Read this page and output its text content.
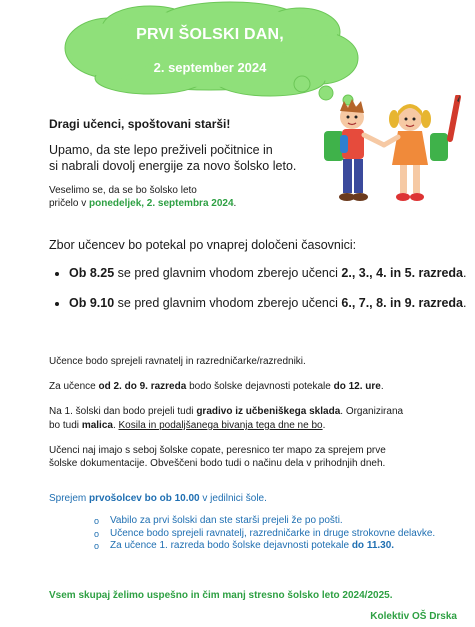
PRVI ŠOLSKI DAN,
2. september 2024

Dragi učenci, spoštovani starši!

Upamo, da ste lepo preživeli počitnice in

si nabrali dovolj energije za novo šolsko leto.

Veselimo se, da se bo šolsko leto

pričelo v ponedeljek, 2. septembra 2024.

Zbor učencev bo potekal po vnaprej določeni časovnici:

• Ob 8.25 se pred glavnim vhodom zberejo učenci 2., 3., 4. in 5. razreda.
• Ob 9.10 se pred glavnim vhodom zberejo učenci 6., 7., 8. in 9. razreda.

Učence bodo sprejeli ravnatelj in razredničarke/razredniki.

Za učence od 2. do 9. razreda bodo šolske dejavnosti potekale do 12. ure.

Na 1. šolski dan bodo prejeli tudi gradivo iz učbeniškega sklada. Organizirana
bo tudi malica. Kosila in podaljšanega bivanja tega dne ne bo.

Učenci naj imajo s seboj šolske copate, peresnico ter mapo za sprejem prve

šolske dokumentacije. Obveščeni bodo tudi o načinu dela v prihodnjih dneh.

Sprejem prvošolcev bo ob 10.00 v jedilnici šole.

o Vabilo za prvi šolski dan ste starši prejeli že po pošti.
o Učence bodo sprejeli ravnatelj, razredničarke in druge strokovne delavke.
o Za učence 1. razreda bodo šolske dejavnosti potekale do 11.30.

Vsem skupaj želimo uspešno in čim manj stresno šolsko leto 2024/2025.

Kolektiv OŠ Drska
